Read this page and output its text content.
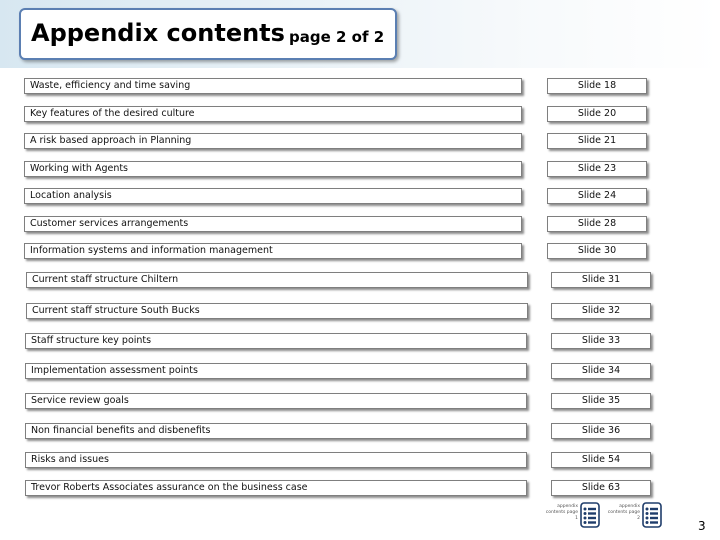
Appendix contents page 2 of 2
Waste, efficiency and time saving	Slide 18
Key features of the desired culture	Slide 20
A risk based approach in Planning	Slide 21
Working with Agents	Slide 23
Location analysis	Slide 24
Customer services arrangements	Slide 28
Information systems and information management	Slide 30
Current staff structure Chiltern	Slide 31
Current staff structure South Bucks	Slide 32
Staff structure key points	Slide 33
Implementation assessment points	Slide 34
Service review goals	Slide 35
Non financial benefits and disbenefits	Slide 36
Risks and issues	Slide 54
Trevor Roberts Associates assurance on the business case	Slide 63
appendix contents page 1
appendix contents page 2
3
